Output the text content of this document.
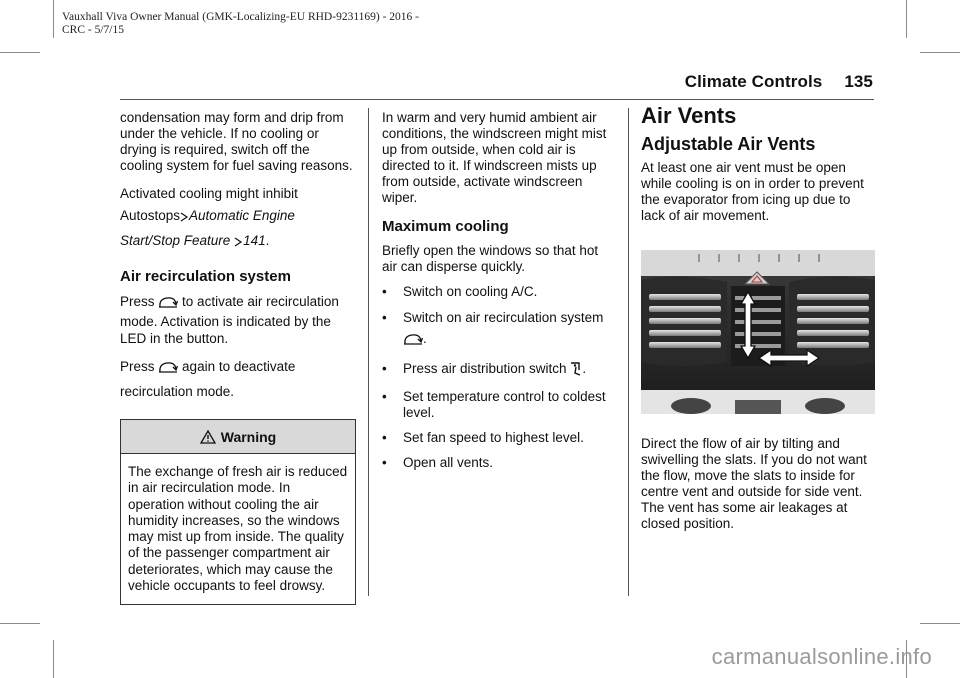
Vauxhall Viva Owner Manual (GMK-Localizing-EU RHD-9231169) - 2016 -
CRC - 5/7/15
Climate Controls 135

condensation may form and drip from under the vehicle. If no cooling or drying is required, switch off the cooling system for fuel saving reasons.

Activated cooling might inhibit
Autostops Automatic Engine Start/Stop Feature 141.

Air recirculation system

Press to activate air recirculation mode. Activation is indicated by the LED in the button.

Press again to deactivate recirculation mode.

Warning
The exchange of fresh air is reduced in air recirculation mode. In operation without cooling the air humidity increases, so the windows may mist up from inside. The quality of the passenger compartment air deteriorates, which may cause the vehicle occupants to feel drowsy.

In warm and very humid ambient air conditions, the windscreen might mist up from outside, when cold air is directed to it. If windscreen mists up from outside, activate windscreen wiper.

Maximum cooling

Briefly open the windows so that hot air can disperse quickly.

•	Switch on cooling A/C.
•	Switch on air recirculation system .
•	Press air distribution switch .
•	Set temperature control to coldest level.
•	Set fan speed to highest level.
•	Open all vents.
Air Vents
Adjustable Air Vents

At least one air vent must be open while cooling is on in order to prevent the evaporator from icing up due to lack of air movement.

Direct the flow of air by tilting and swivelling the slats. If you do not want the flow, move the slats to inside for centre vent and outside for side vent. The vent has some air leakages at closed position.

carmanualsonline.info
